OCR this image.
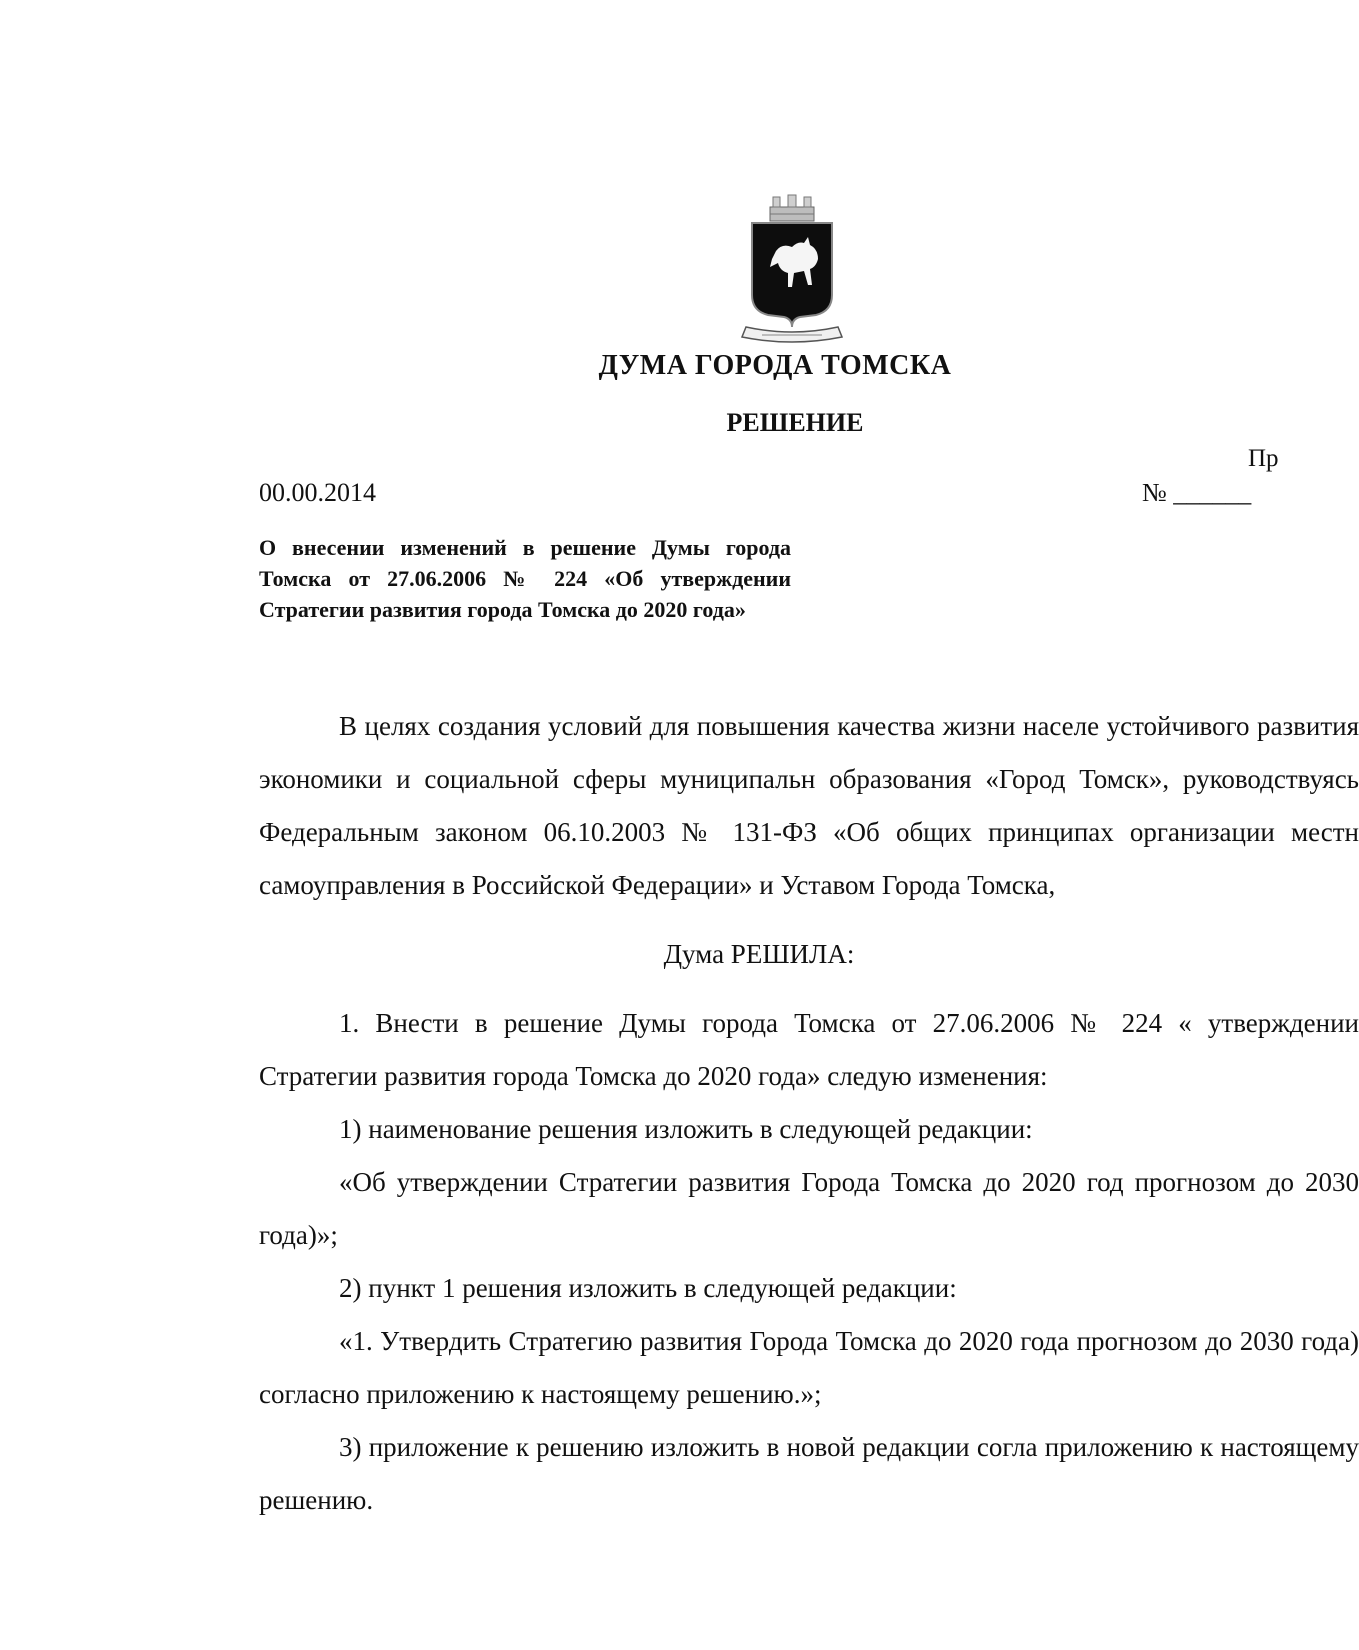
ДУМА ГОРОДА ТОМСКА
РЕШЕНИЕ
Пр
00.00.2014	№ ______
О внесении изменений в решение Думы города Томска от 27.06.2006 № 224 «Об утверждении Стратегии развития города Томска до 2020 года»

В целях создания условий для повышения качества жизни населе устойчивого развития экономики и социальной сферы муниципальн образования «Город Томск», руководствуясь Федеральным законом 06.10.2003 № 131-ФЗ «Об общих принципах организации местн самоуправления в Российской Федерации» и Уставом Города Томска,

Дума РЕШИЛА:

1. Внести в решение Думы города Томска от 27.06.2006 № 224 « утверждении Стратегии развития города Томска до 2020 года» следую изменения:

1) наименование решения изложить в следующей редакции:

«Об утверждении Стратегии развития Города Томска до 2020 год прогнозом до 2030 года)»;

2) пункт 1 решения изложить в следующей редакции:

«1. Утвердить Стратегию развития Города Томска до 2020 года прогнозом до 2030 года) согласно приложению к настоящему решению.»;

3) приложение к решению изложить в новой редакции согла приложению к настоящему решению.
